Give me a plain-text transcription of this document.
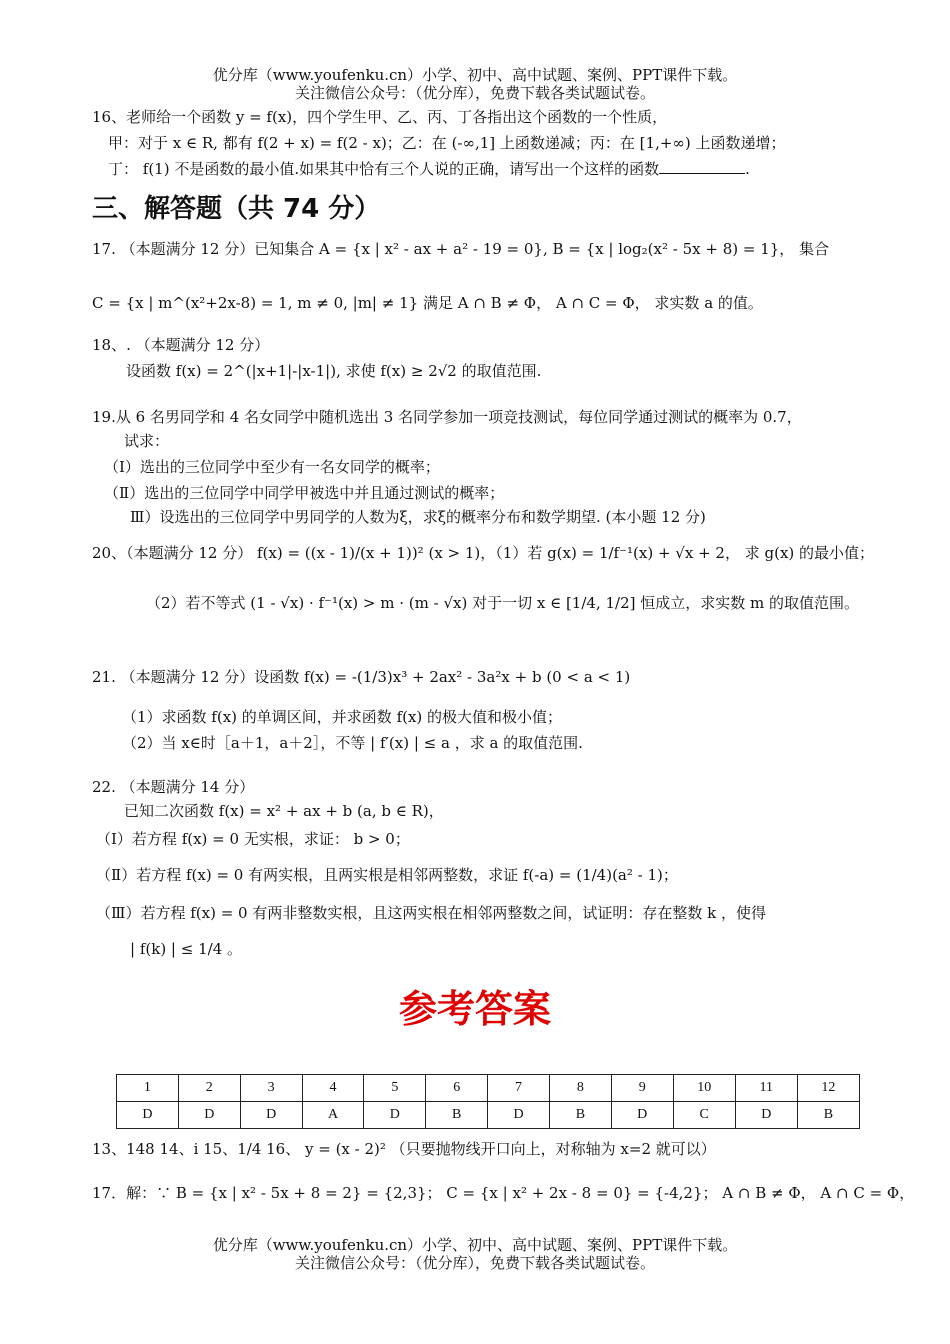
优分库（www.youfenku.cn）小学、初中、高中试题、案例、PPT课件下载。
关注微信公众号：（优分库），免费下载各类试题试卷。
16、老师给一个函数 y = f(x)，四个学生甲、乙、丙、丁各指出这个函数的一个性质，
甲：对于 x ∈ R, 都有 f(2 + x) = f(2 - x)；乙：在 (-∞,1] 上函数递减；丙：在 [1,+∞) 上函数递增；
丁： f(1) 不是函数的最小值.如果其中恰有三个人说的正确，请写出一个这样的函数	.
三、解答题（共 74 分）
17. （本题满分 12 分）已知集合 A = {x | x² - ax + a² - 19 = 0}, B = {x | log₂(x² - 5x + 8) = 1}， 集合
C = {x | m^(x²+2x-8) = 1, m ≠ 0, |m| ≠ 1} 满足 A ∩ B ≠ Φ， A ∩ C = Φ， 求实数 a 的值。
18、. （本题满分 12 分）
设函数 f(x) = 2^(|x+1|-|x-1|), 求使 f(x) ≥ 2√2 的取值范围.
19.从 6 名男同学和 4 名女同学中随机选出 3 名同学参加一项竞技测试，每位同学通过测试的概率为 0.7，
试求：
（Ⅰ）选出的三位同学中至少有一名女同学的概率；
（Ⅱ）选出的三位同学中同学甲被选中并且通过测试的概率；
Ⅲ）设选出的三位同学中男同学的人数为ξ，求ξ的概率分布和数学期望. (本小题 12 分)
20、（本题满分 12 分） f(x) = ((x - 1)/(x + 1))² (x > 1)，（1）若 g(x) = 1/f⁻¹(x) + √x + 2， 求 g(x) 的最小值；
（2）若不等式 (1 - √x) · f⁻¹(x) > m · (m - √x) 对于一切 x ∈ [1/4, 1/2] 恒成立，求实数 m 的取值范围。
21. （本题满分 12 分）设函数 f(x) = -(1/3)x³ + 2ax² - 3a²x + b (0 < a < 1)
（1）求函数 f(x) 的单调区间，并求函数 f(x) 的极大值和极小值；
（2）当 x∈时［a＋1，a＋2］，不等 | f′(x) | ≤ a ，求 a 的取值范围.
22. （本题满分 14 分）
已知二次函数 f(x) = x² + ax + b (a, b ∈ R)，
（Ⅰ）若方程 f(x) = 0 无实根，求证： b > 0；
（Ⅱ）若方程 f(x) = 0 有两实根，且两实根是相邻两整数，求证 f(-a) = (1/4)(a² - 1)；
（Ⅲ）若方程 f(x) = 0 有两非整数实根，且这两实根在相邻两整数之间，试证明：存在整数 k ，使得
| f(k) | ≤ 1/4 。
参考答案
1	2	3	4	5	6	7	8	9	10	11	12
D	D	D	A	D	B	D	B	D	C	D	B
13、148 14、i 15、1/4 16、 y = (x - 2)² （只要抛物线开口向上，对称轴为 x=2 就可以）
17．解：∵ B = {x | x² - 5x + 8 = 2} = {2,3}； C = {x | x² + 2x - 8 = 0} = {-4,2}； A ∩ B ≠ Φ， A ∩ C = Φ，
优分库（www.youfenku.cn）小学、初中、高中试题、案例、PPT课件下载。
关注微信公众号：（优分库），免费下载各类试题试卷。
